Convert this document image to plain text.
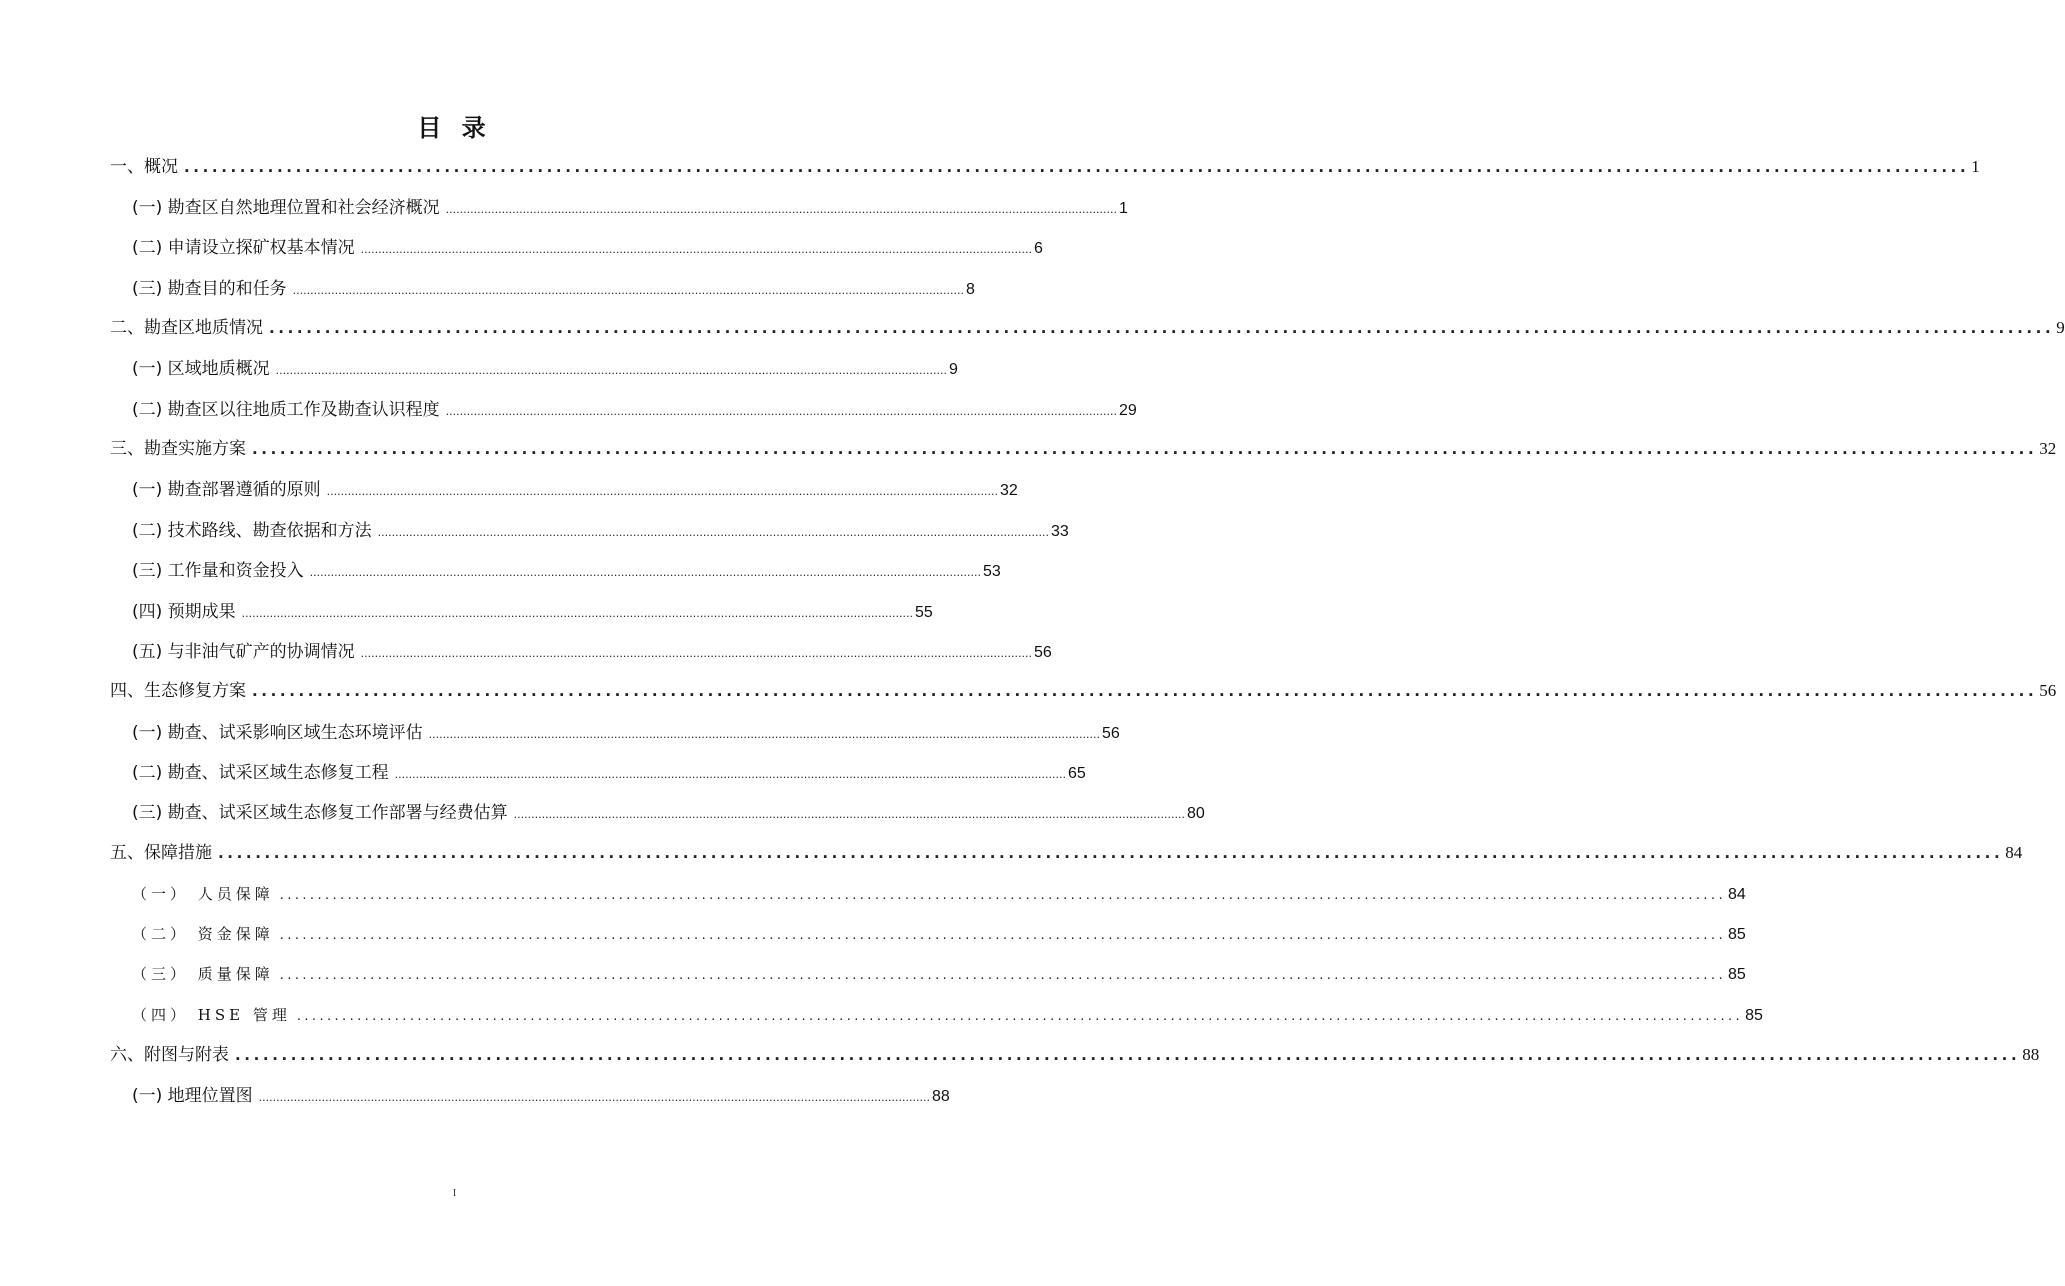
目 录
一、概况 ................................................................................................................................................................................................ 1
(一) 勘查区自然地理位置和社会经济概况 ................................................................................................................................................................................................ 1
(二) 申请设立探矿权基本情况 ................................................................................................................................................................................................ 6
(三) 勘查目的和任务 ................................................................................................................................................................................................ 8
二、勘查区地质情况 ................................................................................................................................................................................................ 9
(一) 区域地质概况 ................................................................................................................................................................................................ 9
(二) 勘查区以往地质工作及勘查认识程度 ................................................................................................................................................................................................ 29
三、勘查实施方案 ................................................................................................................................................................................................ 32
(一) 勘查部署遵循的原则 ................................................................................................................................................................................................ 32
(二) 技术路线、勘查依据和方法 ................................................................................................................................................................................................ 33
(三) 工作量和资金投入 ................................................................................................................................................................................................ 53
(四) 预期成果 ................................................................................................................................................................................................ 55
(五) 与非油气矿产的协调情况 ................................................................................................................................................................................................ 56
四、生态修复方案 ................................................................................................................................................................................................ 56
(一) 勘查、试采影响区域生态环境评估 ................................................................................................................................................................................................ 56
(二) 勘查、试采区域生态修复工程 ................................................................................................................................................................................................ 65
(三) 勘查、试采区域生态修复工作部署与经费估算 ................................................................................................................................................................................................ 80
五、保障措施 ................................................................................................................................................................................................ 84
（一） 人员保障 ................................................................................................................................................................................................ 84
（二） 资金保障 ................................................................................................................................................................................................ 85
（三） 质量保障 ................................................................................................................................................................................................ 85
（四） HSE 管理 ................................................................................................................................................................................................ 85
六、附图与附表 ................................................................................................................................................................................................ 88
(一) 地理位置图 ................................................................................................................................................................................................ 88
I
